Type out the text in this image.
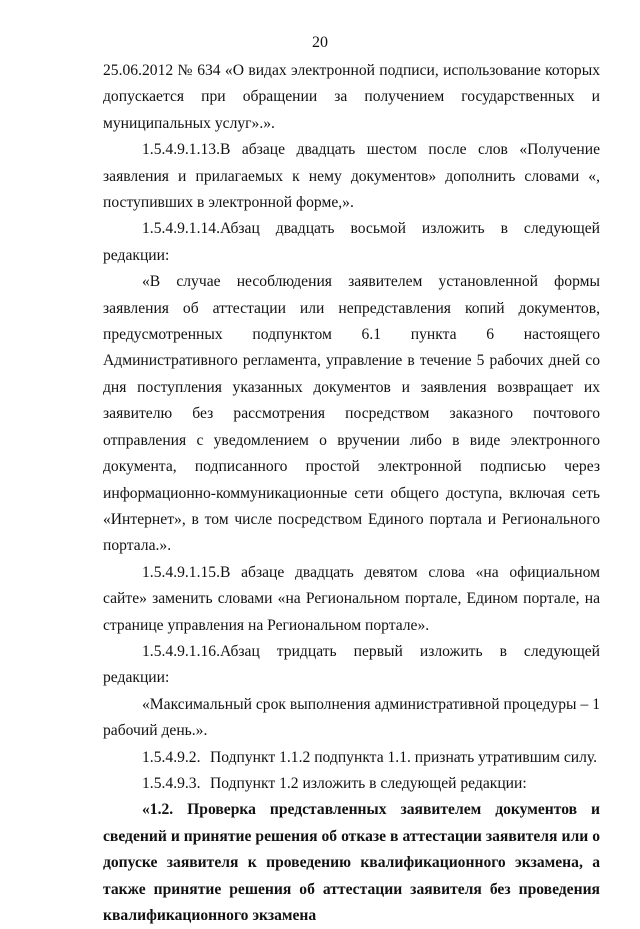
20

25.06.2012 № 634 «О видах электронной подписи, использование которых допускается при обращении за получением государственных и муниципальных услуг».».

1.5.4.9.1.13.В абзаце двадцать шестом после слов «Получение заявления и прилагаемых к нему документов» дополнить словами «, поступивших в электронной форме,».

1.5.4.9.1.14.Абзац двадцать восьмой изложить в следующей редакции:

«В случае несоблюдения заявителем установленной формы заявления об аттестации или непредставления копий документов, предусмотренных подпунктом 6.1 пункта 6 настоящего Административного регламента, управление в течение 5 рабочих дней со дня поступления указанных документов и заявления возвращает их заявителю без рассмотрения посредством заказного почтового отправления с уведомлением о вручении либо в виде электронного документа, подписанного простой электронной подписью через информационно-коммуникационные сети общего доступа, включая сеть «Интернет», в том числе посредством Единого портала и Регионального портала.».

1.5.4.9.1.15.В абзаце двадцать девятом слова «на официальном сайте» заменить словами «на Региональном портале, Едином портале, на странице управления на Региональном портале».

1.5.4.9.1.16.Абзац тридцать первый изложить в следующей редакции:

«Максимальный срок выполнения административной процедуры – 1 рабочий день.».

1.5.4.9.2. Подпункт 1.1.2 подпункта 1.1. признать утратившим силу.

1.5.4.9.3. Подпункт 1.2 изложить в следующей редакции:

«1.2. Проверка представленных заявителем документов и сведений и принятие решения об отказе в аттестации заявителя или о допуске заявителя к проведению квалификационного экзамена, а также принятие решения об аттестации заявителя без проведения квалификационного экзамена
